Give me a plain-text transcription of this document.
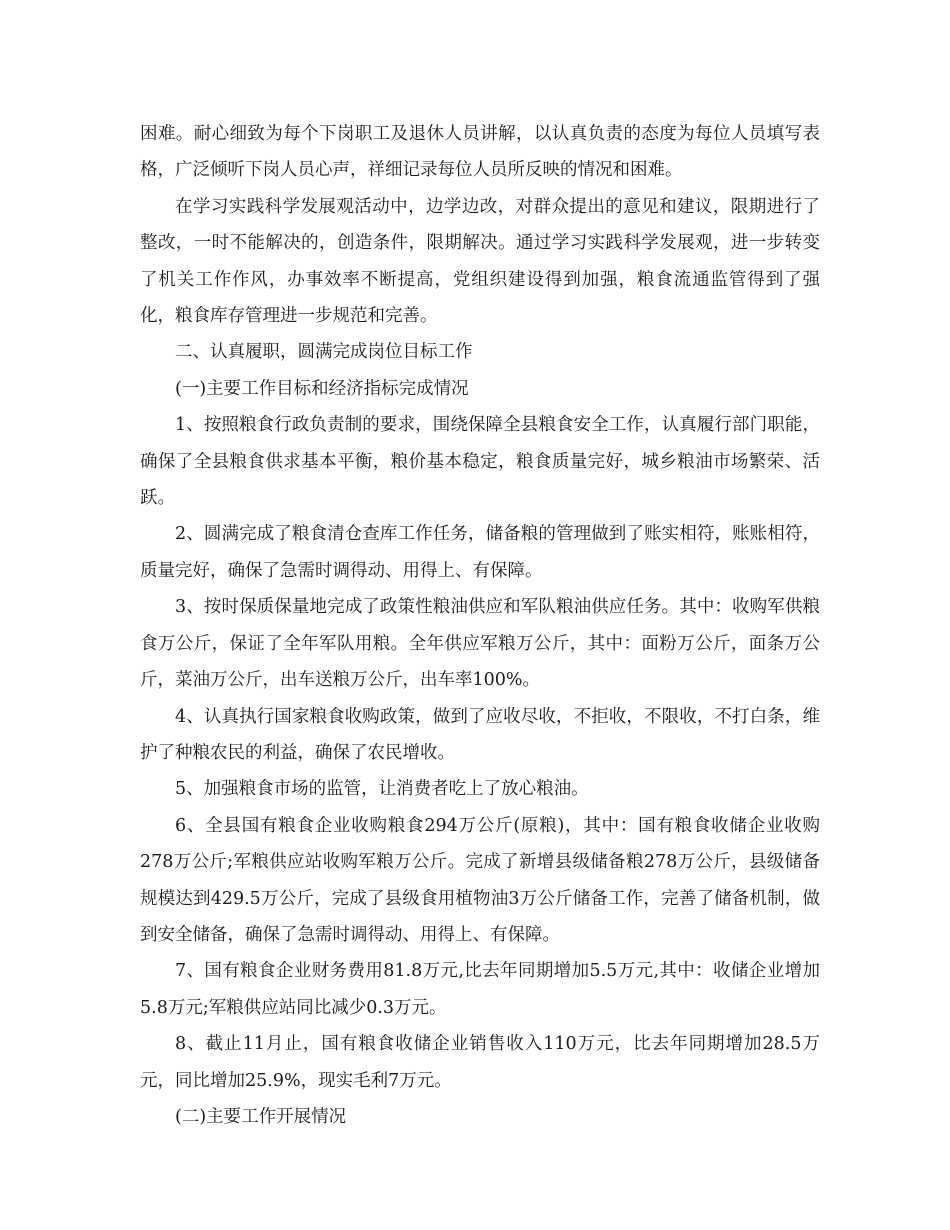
困难。耐心细致为每个下岗职工及退休人员讲解，以认真负责的态度为每位人员填写表格，广泛倾听下岗人员心声，祥细记录每位人员所反映的情况和困难。

在学习实践科学发展观活动中，边学边改，对群众提出的意见和建议，限期进行了整改，一时不能解决的，创造条件，限期解决。通过学习实践科学发展观，进一步转变了机关工作作风，办事效率不断提高，党组织建设得到加强，粮食流通监管得到了强化，粮食库存管理进一步规范和完善。

二、认真履职，圆满完成岗位目标工作

(一)主要工作目标和经济指标完成情况

1、按照粮食行政负责制的要求，围绕保障全县粮食安全工作，认真履行部门职能，确保了全县粮食供求基本平衡，粮价基本稳定，粮食质量完好，城乡粮油市场繁荣、活跃。

2、圆满完成了粮食清仓查库工作任务，储备粮的管理做到了账实相符，账账相符，质量完好，确保了急需时调得动、用得上、有保障。

3、按时保质保量地完成了政策性粮油供应和军队粮油供应任务。其中：收购军供粮食万公斤，保证了全年军队用粮。全年供应军粮万公斤，其中：面粉万公斤，面条万公斤，菜油万公斤，出车送粮万公斤，出车率100%。

4、认真执行国家粮食收购政策，做到了应收尽收，不拒收，不限收，不打白条，维护了种粮农民的利益，确保了农民增收。

5、加强粮食市场的监管，让消费者吃上了放心粮油。

6、全县国有粮食企业收购粮食294万公斤(原粮)，其中：国有粮食收储企业收购278万公斤;军粮供应站收购军粮万公斤。完成了新增县级储备粮278万公斤，县级储备规模达到429.5万公斤，完成了县级食用植物油3万公斤储备工作，完善了储备机制，做到安全储备，确保了急需时调得动、用得上、有保障。

7、国有粮食企业财务费用81.8万元,比去年同期增加5.5万元,其中：收储企业增加5.8万元;军粮供应站同比减少0.3万元。

8、截止11月止，国有粮食收储企业销售收入110万元，比去年同期增加28.5万元，同比增加25.9%，现实毛利7万元。

(二)主要工作开展情况
